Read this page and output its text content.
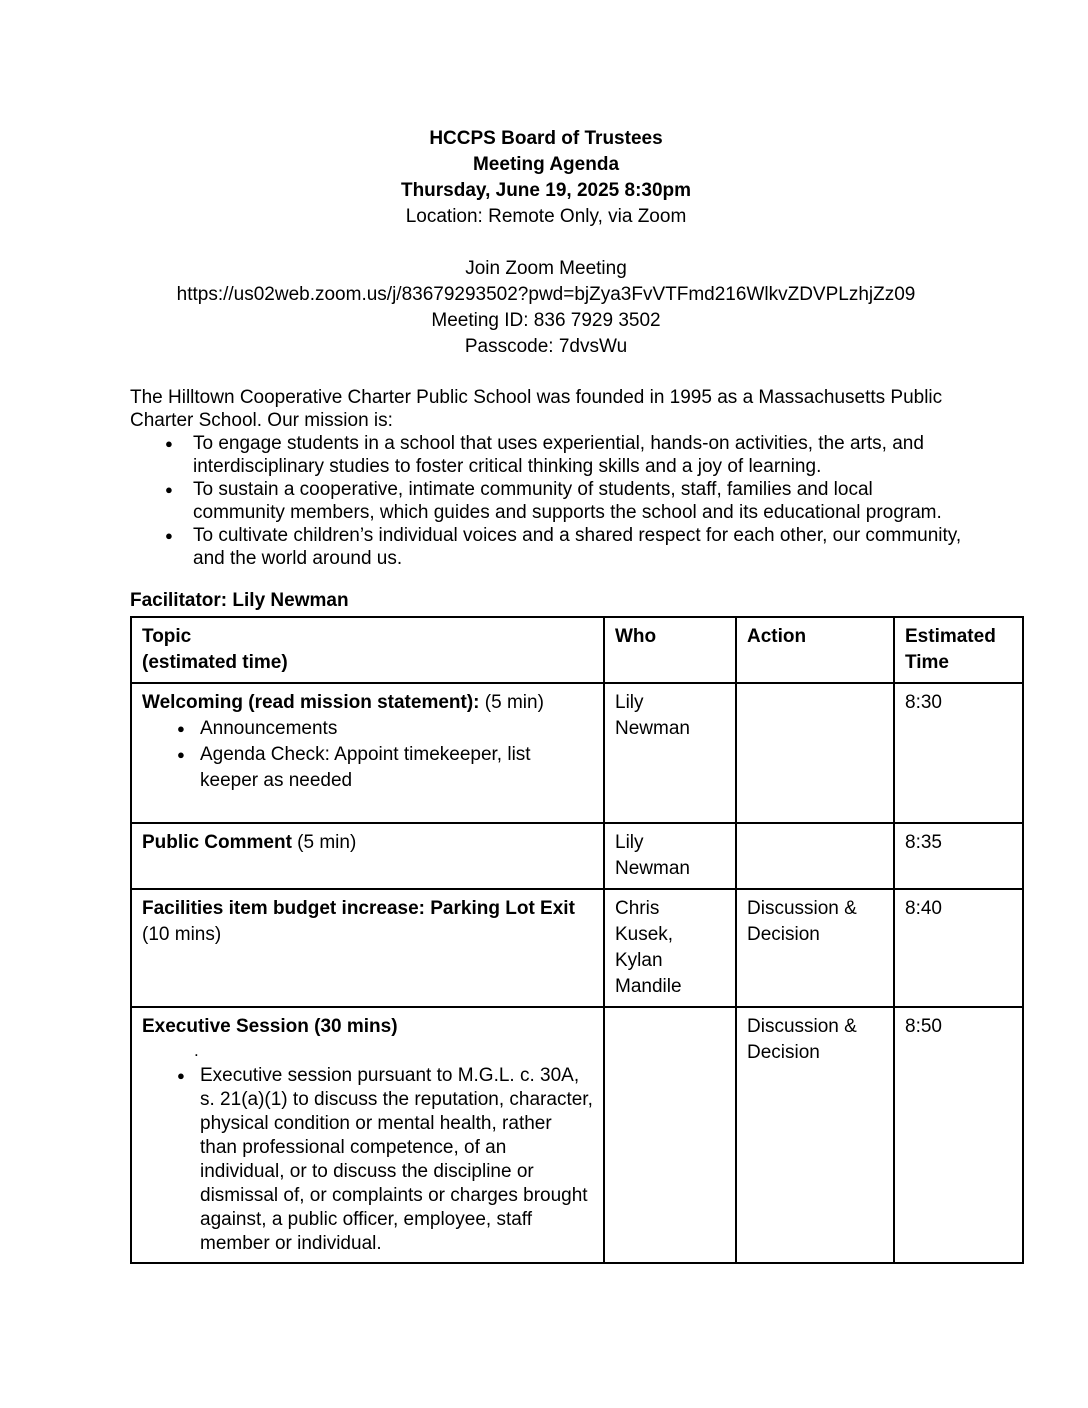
HCCPS Board of Trustees
Meeting Agenda
Thursday, June 19, 2025 8:30pm
Location: Remote Only, via Zoom
Join Zoom Meeting
https://us02web.zoom.us/j/83679293502?pwd=bjZya3FvVTFmd216WlkvZDVPLzhjZz09
Meeting ID: 836 7929 3502
Passcode: 7dvsWu

The Hilltown Cooperative Charter Public School was founded in 1995 as a Massachusetts Public Charter School. Our mission is:

●	To engage students in a school that uses experiential, hands-on activities, the arts, and interdisciplinary studies to foster critical thinking skills and a joy of learning.
●	To sustain a cooperative, intimate community of students, staff, families and local community members, which guides and supports the school and its educational program.
●	To cultivate children’s individual voices and a shared respect for each other, our community, and the world around us.
Facilitator: Lily Newman
Topic
(estimated time)	Who	Action	Estimated Time
Welcoming (read mission statement): (5 min)
● Announcements
● Agenda Check: Appoint timekeeper, list keeper as needed
	Lily Newman		8:30
Public Comment (5 min)	Lily Newman		8:35
Facilities item budget increase: Parking Lot Exit (10 mins)	Chris Kusek, Kylan Mandile	Discussion & Decision	8:40
Executive Session (30 mins)
.
● Executive session pursuant to M.G.L. c. 30A, s. 21(a)(1) to discuss the reputation, character, physical condition or mental health, rather than professional competence, of an individual, or to discuss the discipline or dismissal of, or complaints or charges brought against, a public officer, employee, staff member or individual.
		Discussion & Decision	8:50
